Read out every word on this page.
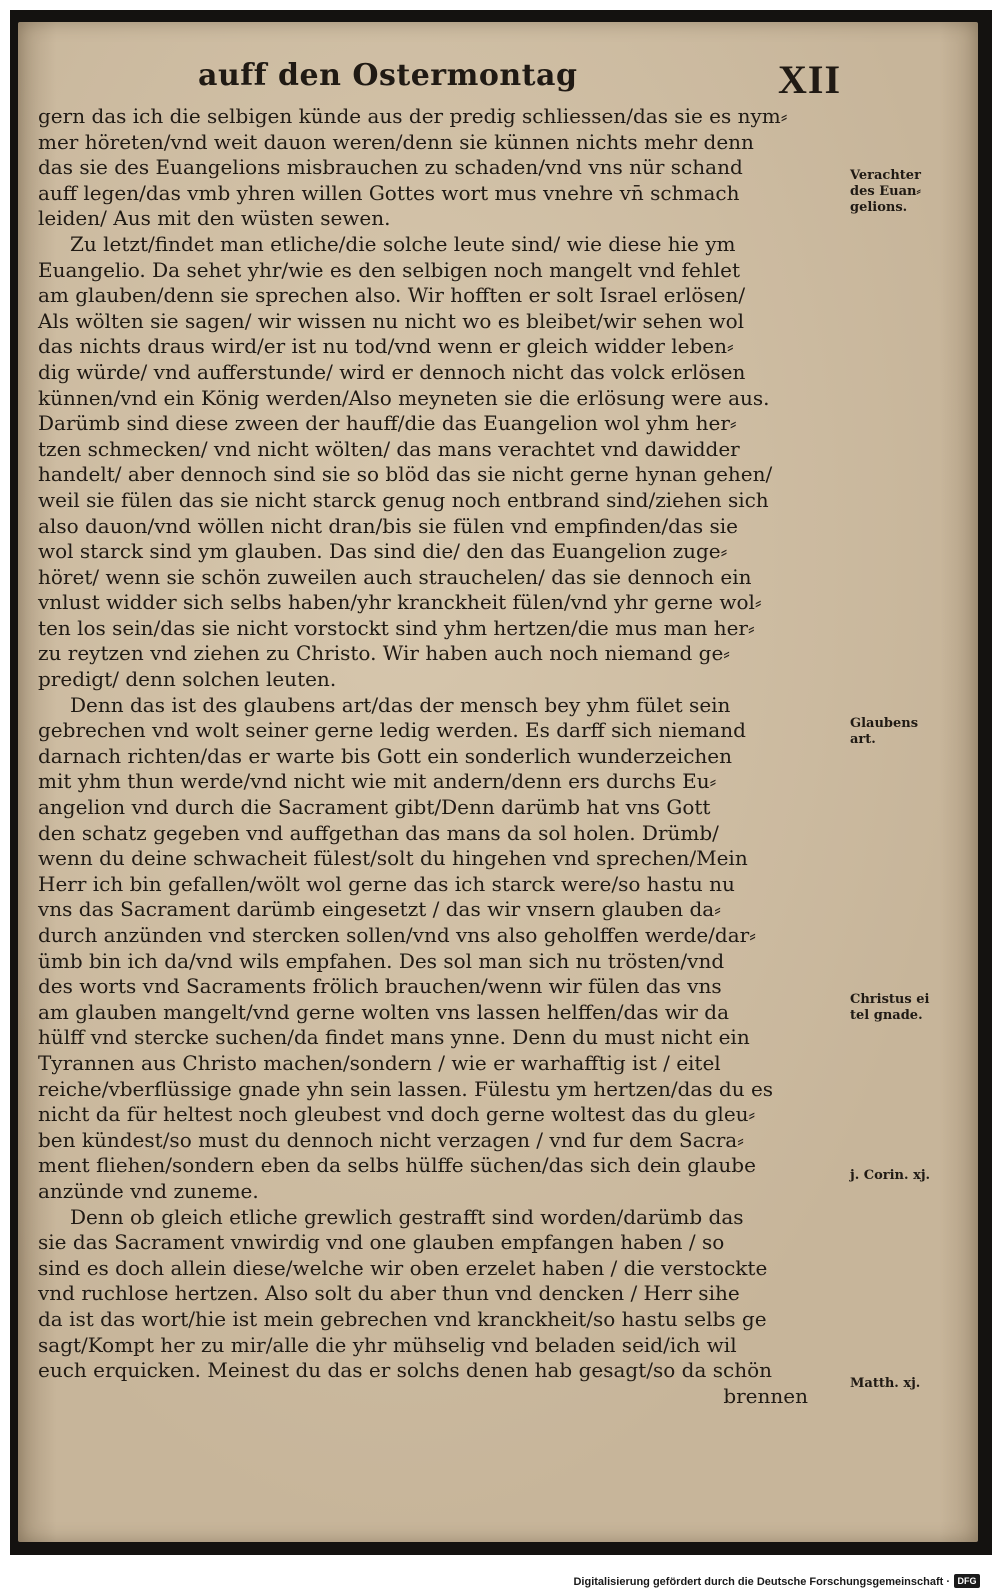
auff den Ostermontag	XII
gern das ich die selbigen künde aus der predig schliessen/das sie es nym⸗
mer höreten/vnd weit dauon weren/denn sie künnen nichts mehr denn
das sie des Euangelions misbrauchen zu schaden/vnd vns nür schand
auff legen/das vmb yhren willen Gottes wort mus vnehre vn̄ schmach
leiden/ Aus mit den wüsten sewen.
Zu letzt/findet man etliche/die solche leute sind/ wie diese hie ym
Euangelio. Da sehet yhr/wie es den selbigen noch mangelt vnd fehlet
am glauben/denn sie sprechen also. Wir hofften er solt Israel erlösen/
Als wölten sie sagen/ wir wissen nu nicht wo es bleibet/wir sehen wol
das nichts draus wird/er ist nu tod/vnd wenn er gleich widder leben⸗
dig würde/ vnd aufferstunde/ wird er dennoch nicht das volck erlösen
künnen/vnd ein König werden/Also meyneten sie die erlösung were aus.
Darümb sind diese zween der hauff/die das Euangelion wol yhm her⸗
tzen schmecken/ vnd nicht wölten/ das mans verachtet vnd dawidder
handelt/ aber dennoch sind sie so blöd das sie nicht gerne hynan gehen/
weil sie fülen das sie nicht starck genug noch entbrand sind/ziehen sich
also dauon/vnd wöllen nicht dran/bis sie fülen vnd empfinden/das sie
wol starck sind ym glauben. Das sind die/ den das Euangelion zuge⸗
höret/ wenn sie schön zuweilen auch strauchelen/ das sie dennoch ein
vnlust widder sich selbs haben/yhr kranckheit fülen/vnd yhr gerne wol⸗
ten los sein/das sie nicht vorstockt sind yhm hertzen/die mus man her⸗
zu reytzen vnd ziehen zu Christo. Wir haben auch noch niemand ge⸗
predigt/ denn solchen leuten.
Denn das ist des glaubens art/das der mensch bey yhm fület sein
gebrechen vnd wolt seiner gerne ledig werden. Es darff sich niemand
darnach richten/das er warte bis Gott ein sonderlich wunderzeichen
mit yhm thun werde/vnd nicht wie mit andern/denn ers durchs Eu⸗
angelion vnd durch die Sacrament gibt/Denn darümb hat vns Gott
den schatz gegeben vnd auffgethan das mans da sol holen. Drümb/
wenn du deine schwacheit fülest/solt du hingehen vnd sprechen/Mein
Herr ich bin gefallen/wölt wol gerne das ich starck were/so hastu nu
vns das Sacrament darümb eingesetzt / das wir vnsern glauben da⸗
durch anzünden vnd stercken sollen/vnd vns also geholffen werde/dar⸗
ümb bin ich da/vnd wils empfahen. Des sol man sich nu trösten/vnd
des worts vnd Sacraments frölich brauchen/wenn wir fülen das vns
am glauben mangelt/vnd gerne wolten vns lassen helffen/das wir da
hülff vnd stercke suchen/da findet mans ynne. Denn du must nicht ein
Tyrannen aus Christo machen/sondern / wie er warhafftig ist / eitel
reiche/vberflüssige gnade yhn sein lassen. Fülestu ym hertzen/das du es
nicht da für heltest noch gleubest vnd doch gerne woltest das du gleu⸗
ben kündest/so must du dennoch nicht verzagen / vnd fur dem Sacra⸗
ment fliehen/sondern eben da selbs hülffe süchen/das sich dein glaube
anzünde vnd zuneme.
Denn ob gleich etliche grewlich gestrafft sind worden/darümb das
sie das Sacrament vnwirdig vnd one glauben empfangen haben / so
sind es doch allein diese/welche wir oben erzelet haben / die verstockte
vnd ruchlose hertzen. Also solt du aber thun vnd dencken / Herr sihe
da ist das wort/hie ist mein gebrechen vnd kranckheit/so hastu selbs ge
sagt/Kompt her zu mir/alle die yhr mühselig vnd beladen seid/ich wil
euch erquicken. Meinest du das er solchs denen hab gesagt/so da schön
brennen
Verachter des Euan⸗ gelions.
Glaubens art.
Christus ei tel gnade.
j. Corin. xj.
Matth. xj.
Digitalisierung gefördert durch die Deutsche Forschungsgemeinschaft · DFG
